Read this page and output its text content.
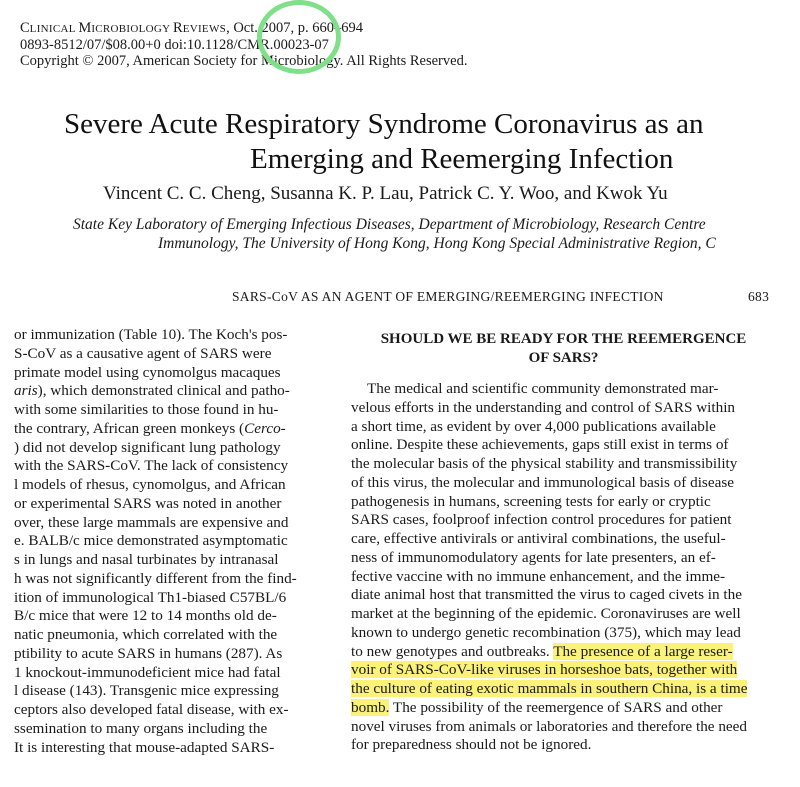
CLINICAL MICROBIOLOGY REVIEWS, Oct. 2007, p. 660–694
0893-8512/07/$08.00+0 doi:10.1128/CMR.00023-07
Copyright © 2007, American Society for Microbiology. All Rights Reserved.
Severe Acute Respiratory Syndrome Coronavirus as an
Emerging and Reemerging Infection
Vincent C. C. Cheng, Susanna K. P. Lau, Patrick C. Y. Woo, and Kwok Yu
State Key Laboratory of Emerging Infectious Diseases, Department of Microbiology, Research Centre
Immunology, The University of Hong Kong, Hong Kong Special Administrative Region, C
SARS-CoV AS AN AGENT OF EMERGING/REEMERGING INFECTION	683
or immunization (Table 10). The Koch's pos-
S-CoV as a causative agent of SARS were
primate model using cynomolgus macaques
aris), which demonstrated clinical and patho-
with some similarities to those found in hu-
the contrary, African green monkeys (Cerco-
) did not develop significant lung pathology
with the SARS-CoV. The lack of consistency
l models of rhesus, cynomolgus, and African
or experimental SARS was noted in another
over, these large mammals are expensive and
e. BALB/c mice demonstrated asymptomatic
s in lungs and nasal turbinates by intranasal
h was not significantly different from the find-
ition of immunological Th1-biased C57BL/6
B/c mice that were 12 to 14 months old de-
natic pneumonia, which correlated with the
ptibility to acute SARS in humans (287). As
1 knockout-immunodeficient mice had fatal
l disease (143). Transgenic mice expressing
ceptors also developed fatal disease, with ex-
ssemination to many organs including the
It is interesting that mouse-adapted SARS-
SHOULD WE BE READY FOR THE REEMERGENCE
OF SARS?
The medical and scientific community demonstrated mar-
velous efforts in the understanding and control of SARS within
a short time, as evident by over 4,000 publications available
online. Despite these achievements, gaps still exist in terms of
the molecular basis of the physical stability and transmissibility
of this virus, the molecular and immunological basis of disease
pathogenesis in humans, screening tests for early or cryptic
SARS cases, foolproof infection control procedures for patient
care, effective antivirals or antiviral combinations, the useful-
ness of immunomodulatory agents for late presenters, an ef-
fective vaccine with no immune enhancement, and the imme-
diate animal host that transmitted the virus to caged civets in the
market at the beginning of the epidemic. Coronaviruses are well
known to undergo genetic recombination (375), which may lead
to new genotypes and outbreaks. The presence of a large reser-
voir of SARS-CoV-like viruses in horseshoe bats, together with
the culture of eating exotic mammals in southern China, is a time
bomb. The possibility of the reemergence of SARS and other
novel viruses from animals or laboratories and therefore the need
for preparedness should not be ignored.
